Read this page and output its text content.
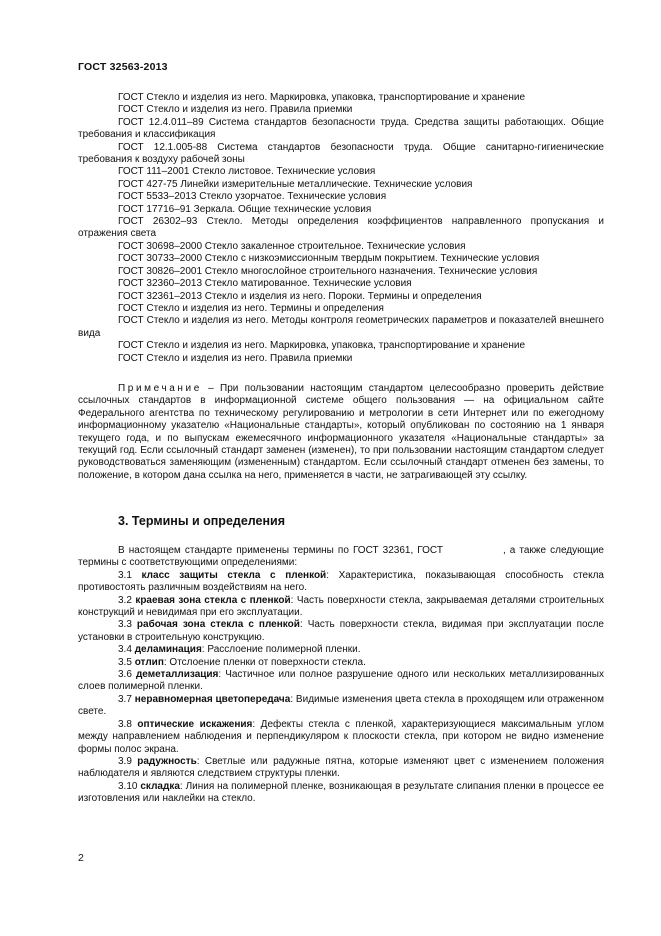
ГОСТ 32563-2013

ГОСТ Стекло и изделия из него. Маркировка, упаковка, транспортирование и хранение

ГОСТ Стекло и изделия из него. Правила приемки

ГОСТ 12.4.011–89 Система стандартов безопасности труда. Средства защиты работающих. Общие требования и классификация

ГОСТ 12.1.005-88 Система стандартов безопасности труда. Общие санитарно-гигиенические требования к воздуху рабочей зоны

ГОСТ 111–2001 Стекло листовое. Технические условия

ГОСТ 427-75 Линейки измерительные металлические. Технические условия

ГОСТ 5533–2013 Стекло узорчатое. Технические условия

ГОСТ 17716–91 Зеркала. Общие технические условия

ГОСТ 26302–93 Стекло. Методы определения коэффициентов направленного пропускания и отражения света

ГОСТ 30698–2000 Стекло закаленное строительное. Технические условия

ГОСТ 30733–2000 Стекло с низкоэмиссионным твердым покрытием. Технические условия

ГОСТ 30826–2001 Стекло многослойное строительного назначения. Технические условия

ГОСТ 32360–2013 Стекло матированное. Технические условия

ГОСТ 32361–2013 Стекло и изделия из него. Пороки. Термины и определения

ГОСТ Стекло и изделия из него. Термины и определения

ГОСТ Стекло и изделия из него. Методы контроля геометрических параметров и показателей внешнего вида

ГОСТ Стекло и изделия из него. Маркировка, упаковка, транспортирование и хранение

ГОСТ Стекло и изделия из него. Правила приемки

Примечание – При пользовании настоящим стандартом целесообразно проверить действие ссылочных стандартов в информационной системе общего пользования — на официальном сайте Федерального агентства по техническому регулированию и метрологии в сети Интернет или по ежегодному информационному указателю «Национальные стандарты», который опубликован по состоянию на 1 января текущего года, и по выпускам ежемесячного информационного указателя «Национальные стандарты» за текущий год. Если ссылочный стандарт заменен (изменен), то при пользовании настоящим стандартом следует руководствоваться заменяющим (измененным) стандартом. Если ссылочный стандарт отменен без замены, то положение, в котором дана ссылка на него, применяется в части, не затрагивающей эту ссылку.

3. Термины и определения

В настоящем стандарте применены термины по ГОСТ 32361, ГОСТ	, а также следующие термины с соответствующими определениями:

3.1 класс защиты стекла с пленкой: Характеристика, показывающая способность стекла противостоять различным воздействиям на него.

3.2 краевая зона стекла с пленкой: Часть поверхности стекла, закрываемая деталями строительных конструкций и невидимая при его эксплуатации.

3.3 рабочая зона стекла с пленкой: Часть поверхности стекла, видимая при эксплуатации после установки в строительную конструкцию.

3.4 деламинация: Расслоение полимерной пленки.

3.5 отлип: Отслоение пленки от поверхности стекла.

3.6 деметаллизация: Частичное или полное разрушение одного или нескольких металлизированных слоев полимерной пленки.

3.7 неравномерная цветопередача: Видимые изменения цвета стекла в проходящем или отраженном свете.

3.8 оптические искажения: Дефекты стекла с пленкой, характеризующиеся максимальным углом между направлением наблюдения и перпендикуляром к плоскости стекла, при котором не видно изменение формы полос экрана.

3.9 радужность: Светлые или радужные пятна, которые изменяют цвет с изменением положения наблюдателя и являются следствием структуры пленки.

3.10 складка: Линия на полимерной пленке, возникающая в результате слипания пленки в процессе ее изготовления или наклейки на стекло.

2
